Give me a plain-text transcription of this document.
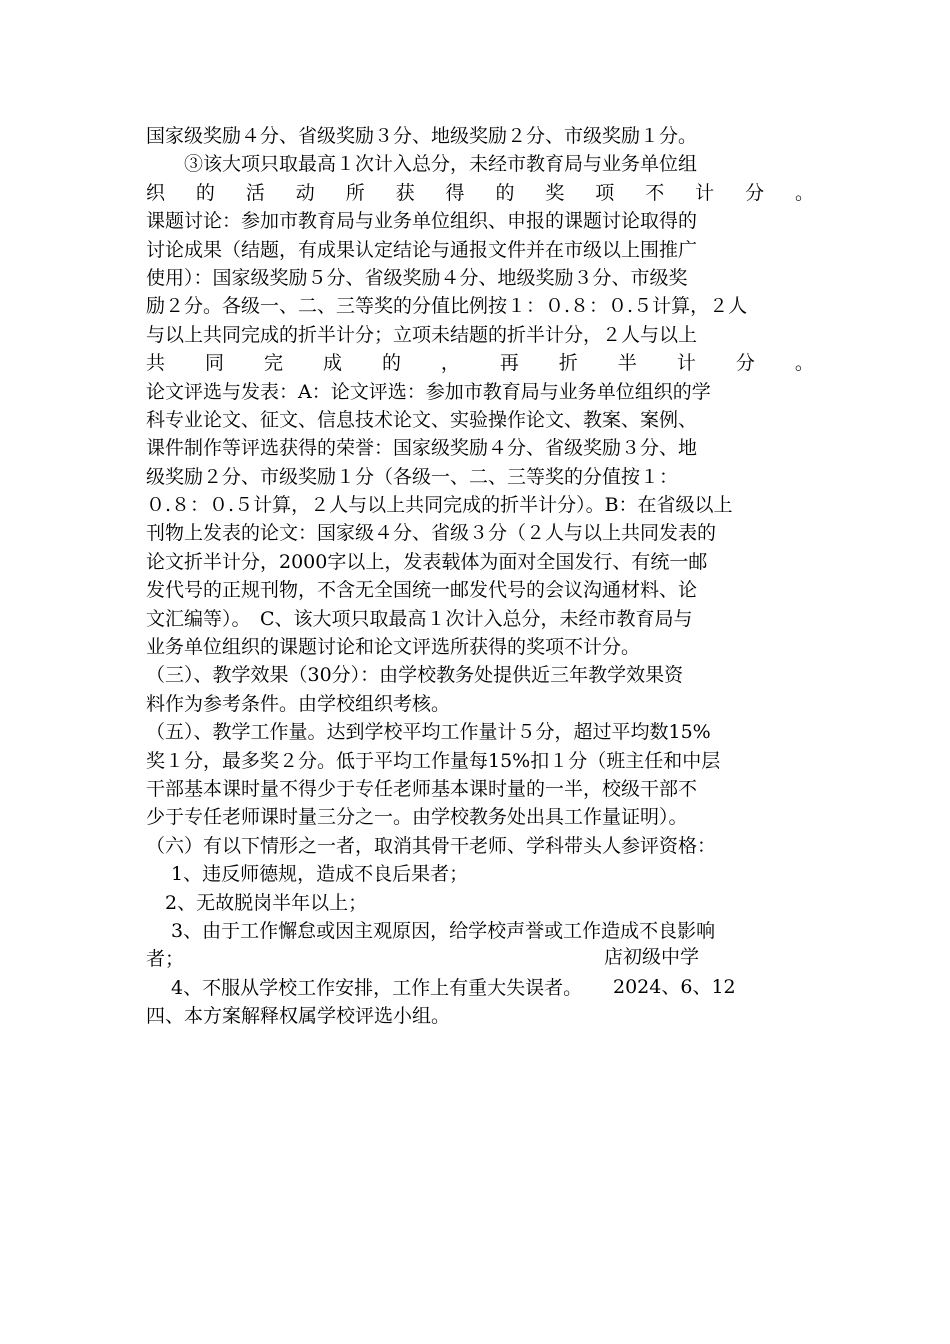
国家级奖励４分、省级奖励３分、地级奖励２分、市级奖励１分。
　　③该大项只取最高１次计入总分，未经市教育局与业务单位组
织 的 活 动 所 获 得 的 奖 项 不 计 分 。
课题讨论：参加市教育局与业务单位组织、申报的课题讨论取得的
讨论成果（结题，有成果认定结论与通报文件并在市级以上围推广
使用）：国家级奖励５分、省级奖励４分、地级奖励３分、市级奖
励２分。各级一、二、三等奖的分值比例按１：０.８：０.５计算，２人
与以上共同完成的折半计分；立项未结题的折半计分，２人与以上
共 同 完 成 的 ， 再 折 半 计 分 。
论文评选与发表：A：论文评选：参加市教育局与业务单位组织的学
科专业论文、征文、信息技术论文、实验操作论文、教案、案例、
课件制作等评选获得的荣誉：国家级奖励４分、省级奖励３分、地
级奖励２分、市级奖励１分（各级一、二、三等奖的分值按１：
０.８：０.５计算，２人与以上共同完成的折半计分）。B：在省级以上
刊物上发表的论文：国家级４分、省级３分（２人与以上共同发表的
论文折半计分，2000字以上，发表载体为面对全国发行、有统一邮
发代号的正规刊物，不含无全国统一邮发代号的会议沟通材料、论
文汇编等）。　C、该大项只取最高１次计入总分，未经市教育局与
业务单位组织的课题讨论和论文评选所获得的奖项不计分。
（三）、教学效果（30分）：由学校教务处提供近三年教学效果资
料作为参考条件。由学校组织考核。
（五）、教学工作量。达到学校平均工作量计５分，超过平均数15%
奖１分，最多奖２分。低于平均工作量每15%扣１分（班主任和中层
干部基本课时量不得少于专任老师基本课时量的一半，校级干部不
少于专任老师课时量三分之一。由学校教务处出具工作量证明）。
（六）有以下情形之一者，取消其骨干老师、学科带头人参评资格：
　 1、违反师德规，造成不良后果者；
　2、无故脱岗半年以上；
　 3、由于工作懈怠或因主观原因，给学校声誉或工作造成不良影响
者；
　 4、不服从学校工作安排，工作上有重大失误者。
四、本方案解释权属学校评选小组。
店初级中学
2024、6、12
